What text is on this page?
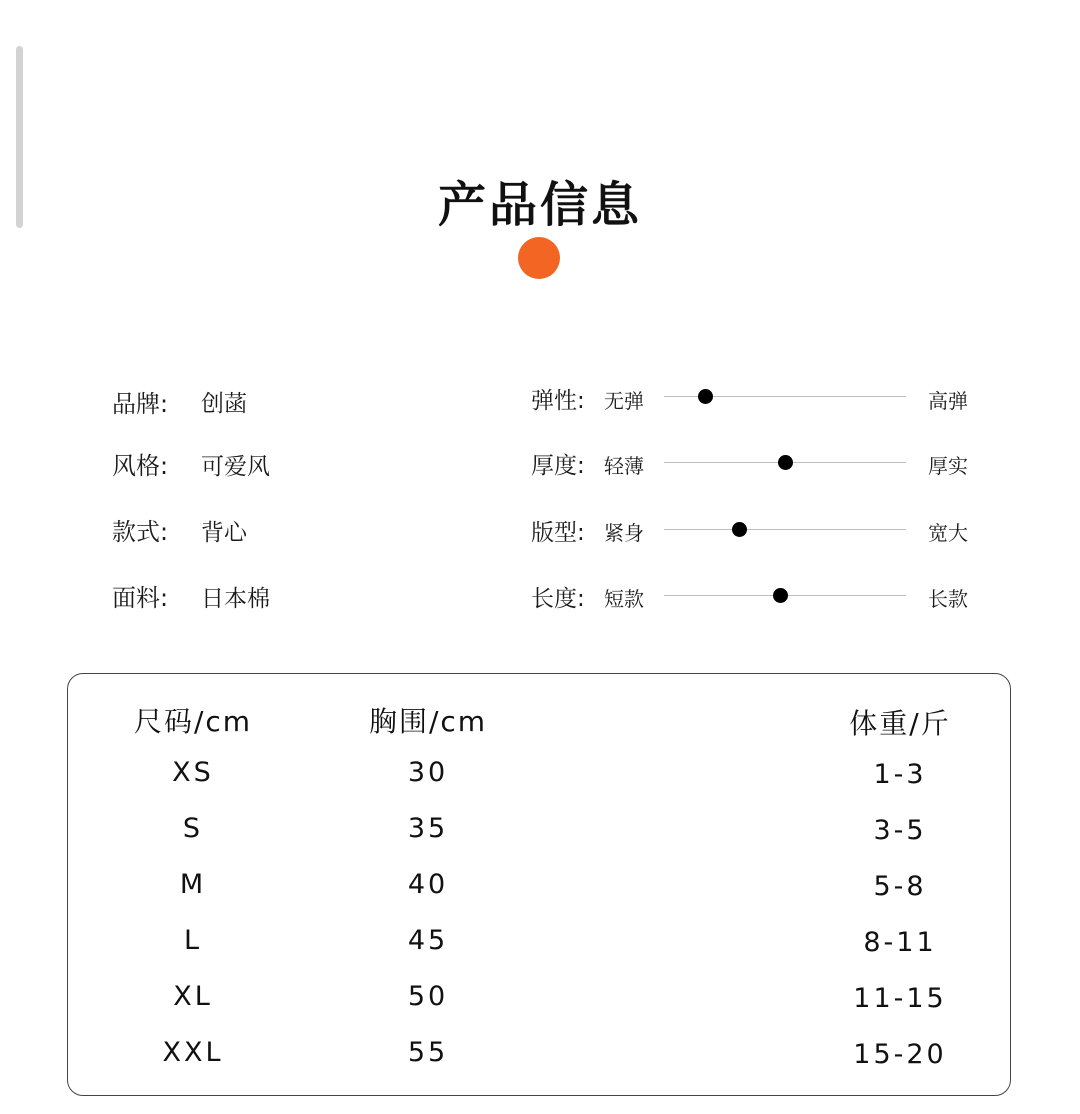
产品信息
品牌: 创菡
风格: 可爱风
款式: 背心
面料: 日本棉
弹性: 无弹	高弹
厚度: 轻薄	厚实
版型: 紧身	宽大
长度: 短款	长款
尺码/cm	胸围/cm	体重/斤
XS	30	1-3
S	35	3-5
M	40	5-8
L	45	8-11
XL	50	11-15
XXL	55	15-20
